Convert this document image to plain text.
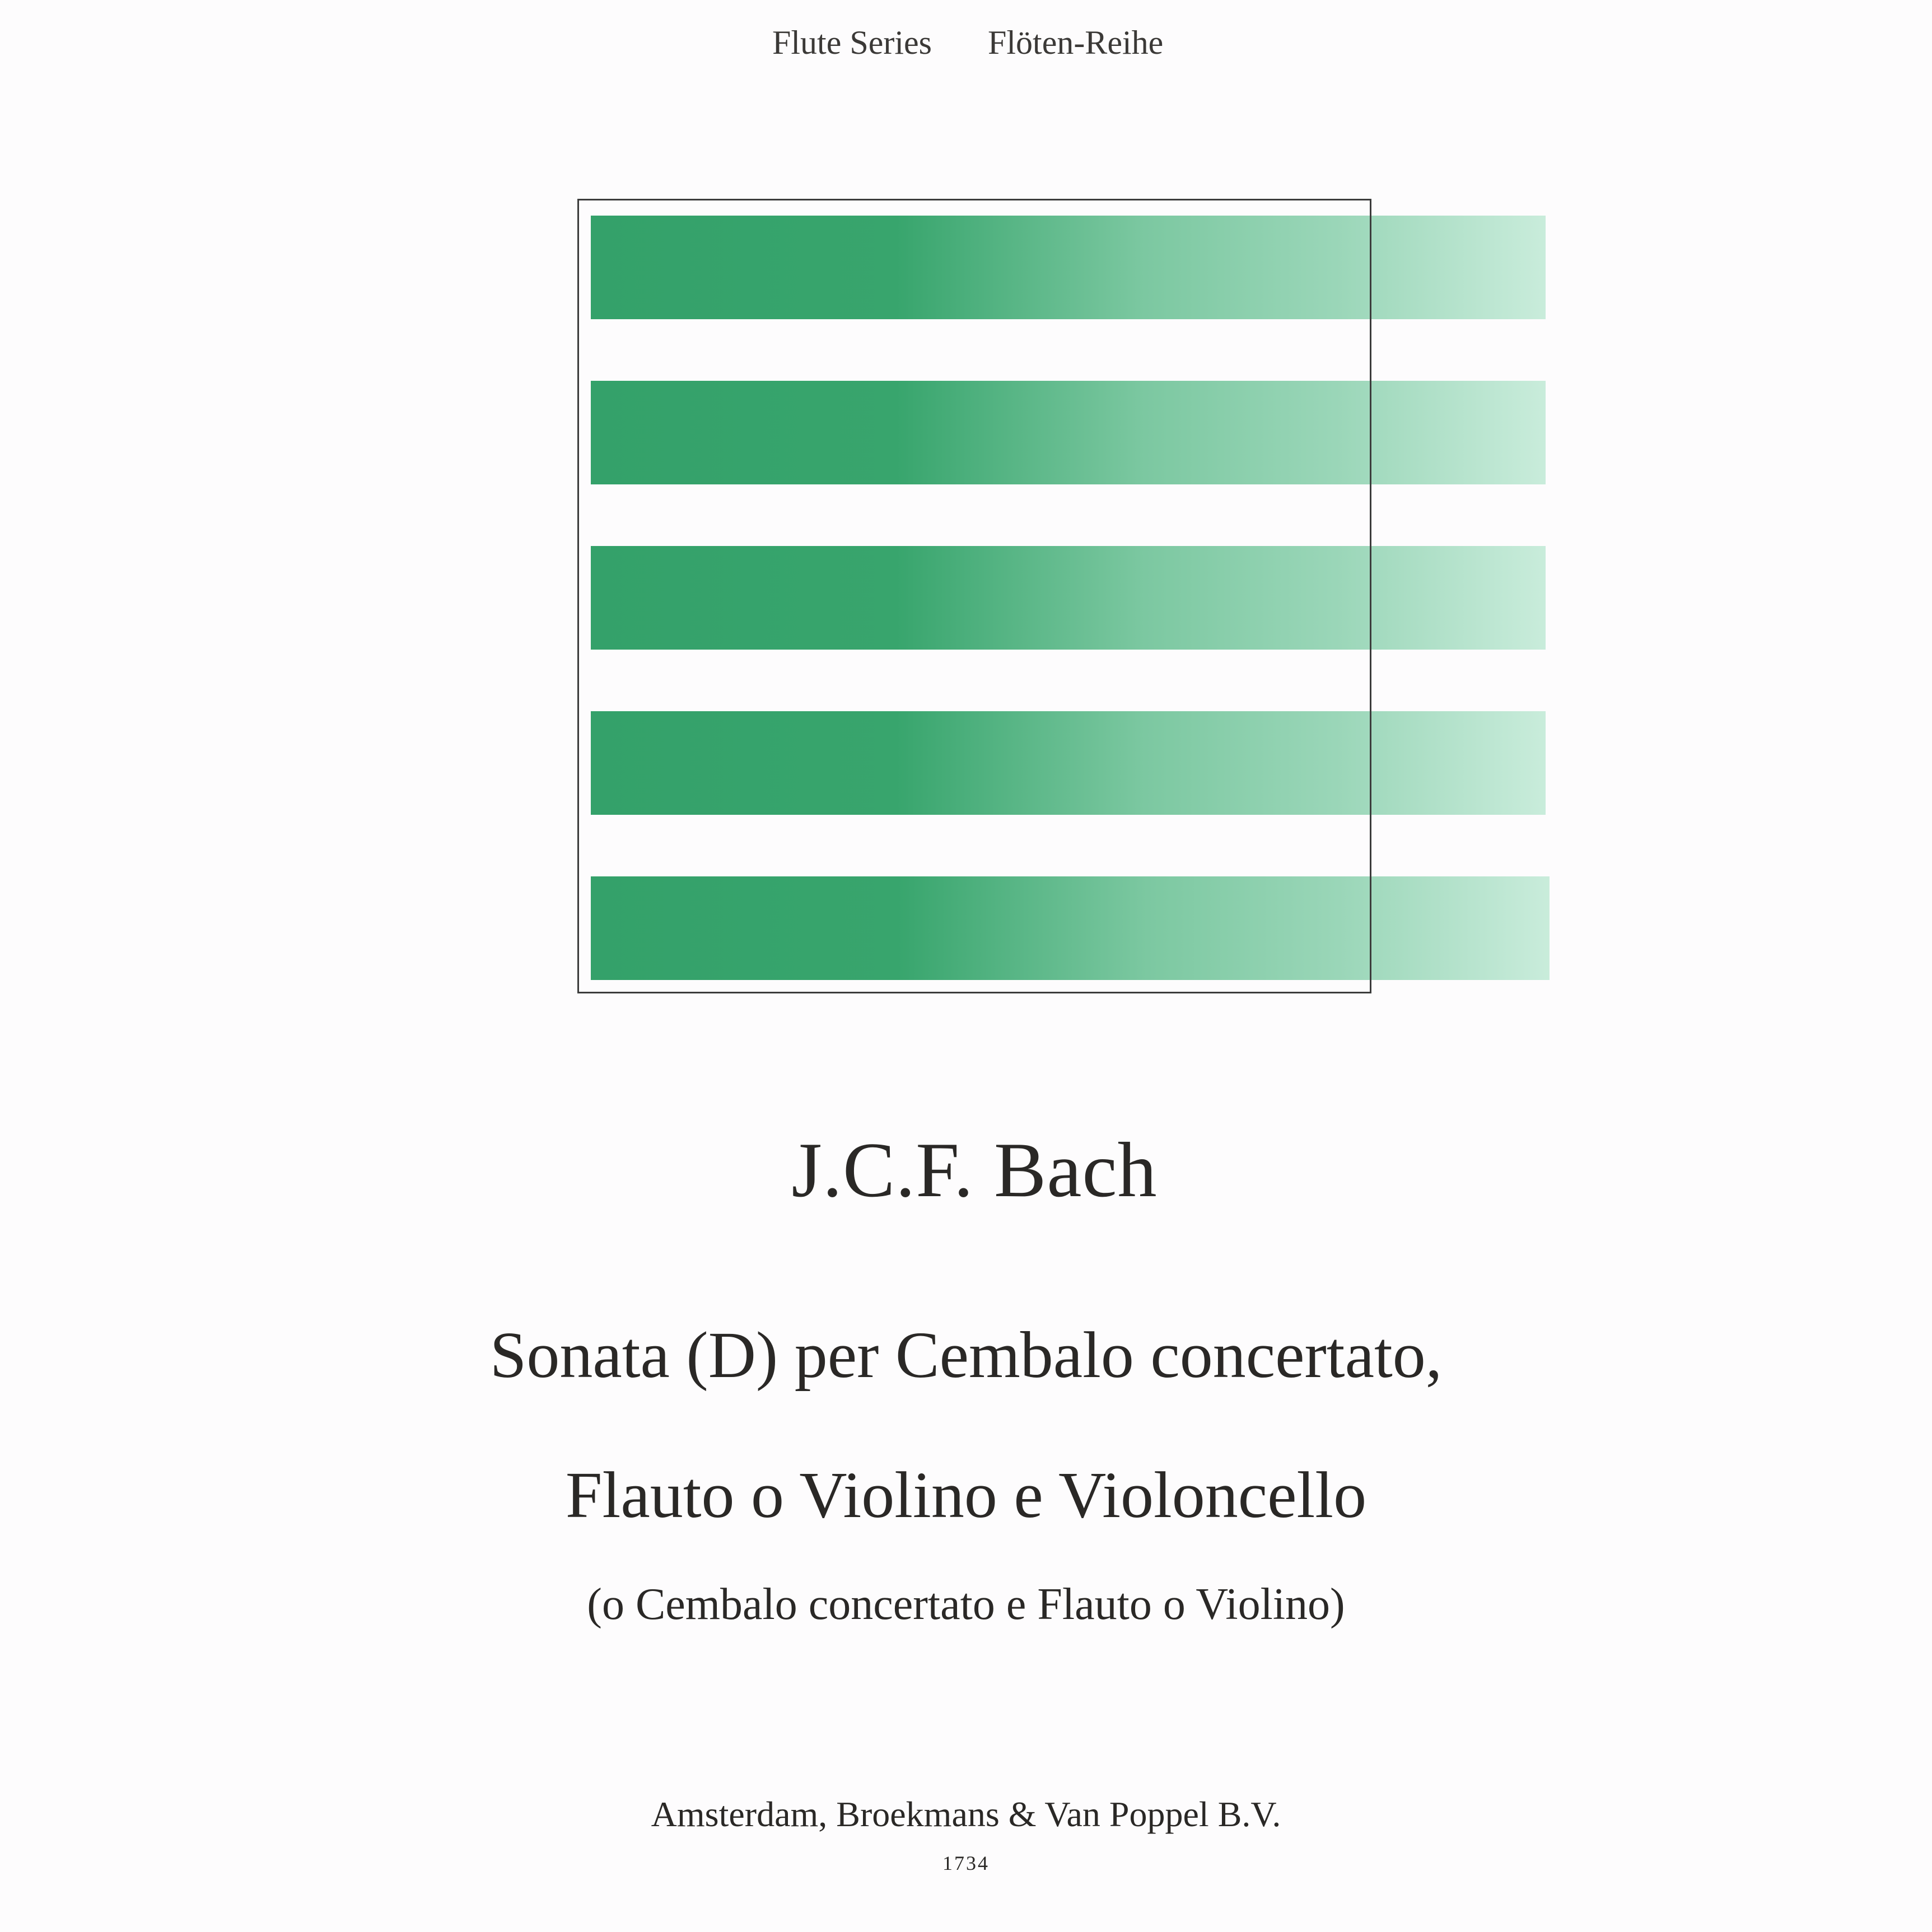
Flute Series Flöten-Reihe
J.C.F. Bach
Sonata (D) per Cembalo concertato,
Flauto o Violino e Violoncello
(o Cembalo concertato e Flauto o Violino)
Amsterdam, Broekmans & Van Poppel B.V.
1734
